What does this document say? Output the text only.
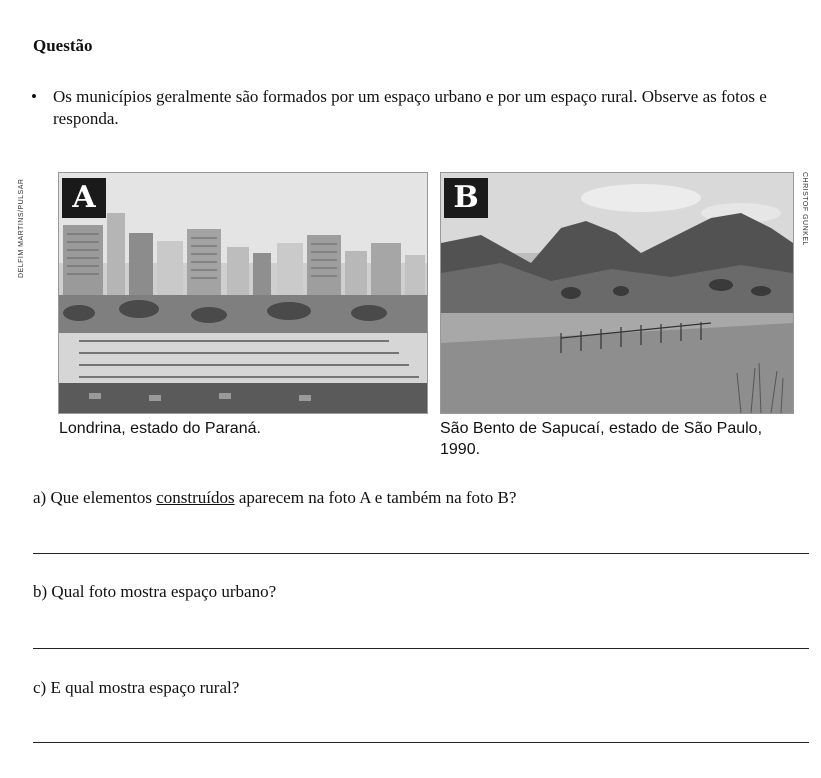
Questão
• Os municípios geralmente são formados por um espaço urbano e por um espaço rural. Observe as fotos e responda.
A	B
DELFIM MARTINS/PULSAR	CHRISTOF GUNKEL
Londrina, estado do Paraná.	São Bento de Sapucaí, estado de São Paulo, 1990.
a) Que elementos construídos aparecem na foto A e também na foto B?
b) Qual foto mostra espaço urbano?
c) E qual mostra espaço rural?
